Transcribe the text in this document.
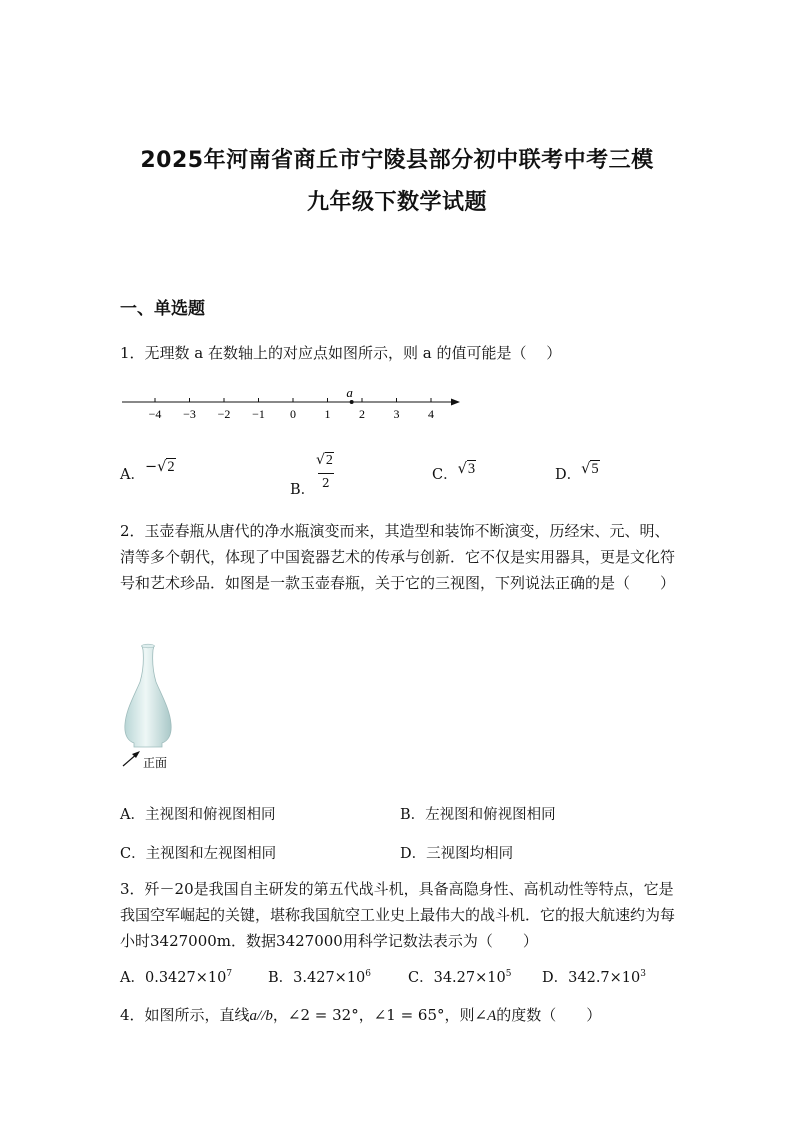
2025年河南省商丘市宁陵县部分初中联考中考三模
九年级下数学试题
一、单选题
1．无理数 a 在数轴上的对应点如图所示，则 a 的值可能是（　 ）
−4 −3 −2 −1 0 1 2 3 4
a
A．−√2
B．
√2
2	C．√3	D．√5
2．玉壶春瓶从唐代的净水瓶演变而来，其造型和装饰不断演变，历经宋、元、明、清等多个朝代，体现了中国瓷器艺术的传承与创新．它不仅是实用器具，更是文化符号和艺术珍品．如图是一款玉壶春瓶，关于它的三视图，下列说法正确的是（　　）
正面
A．主视图和俯视图相同	B．左视图和俯视图相同
C．主视图和左视图相同	D．三视图均相同
3．歼－20是我国自主研发的第五代战斗机，具备高隐身性、高机动性等特点，它是我国空军崛起的关键，堪称我国航空工业史上最伟大的战斗机．它的报大航速约为每小时3427000m．数据3427000用科学记数法表示为（　　）
A．$0.3427\times 10^7$ B．$3.427\times 10^6$	C．$34.27\times 10^5$ D．$342.7\times 10^3$
4．如图所示，直线a//b，∠2 = 32°，∠1 = 65°，则∠A的度数（　　）
